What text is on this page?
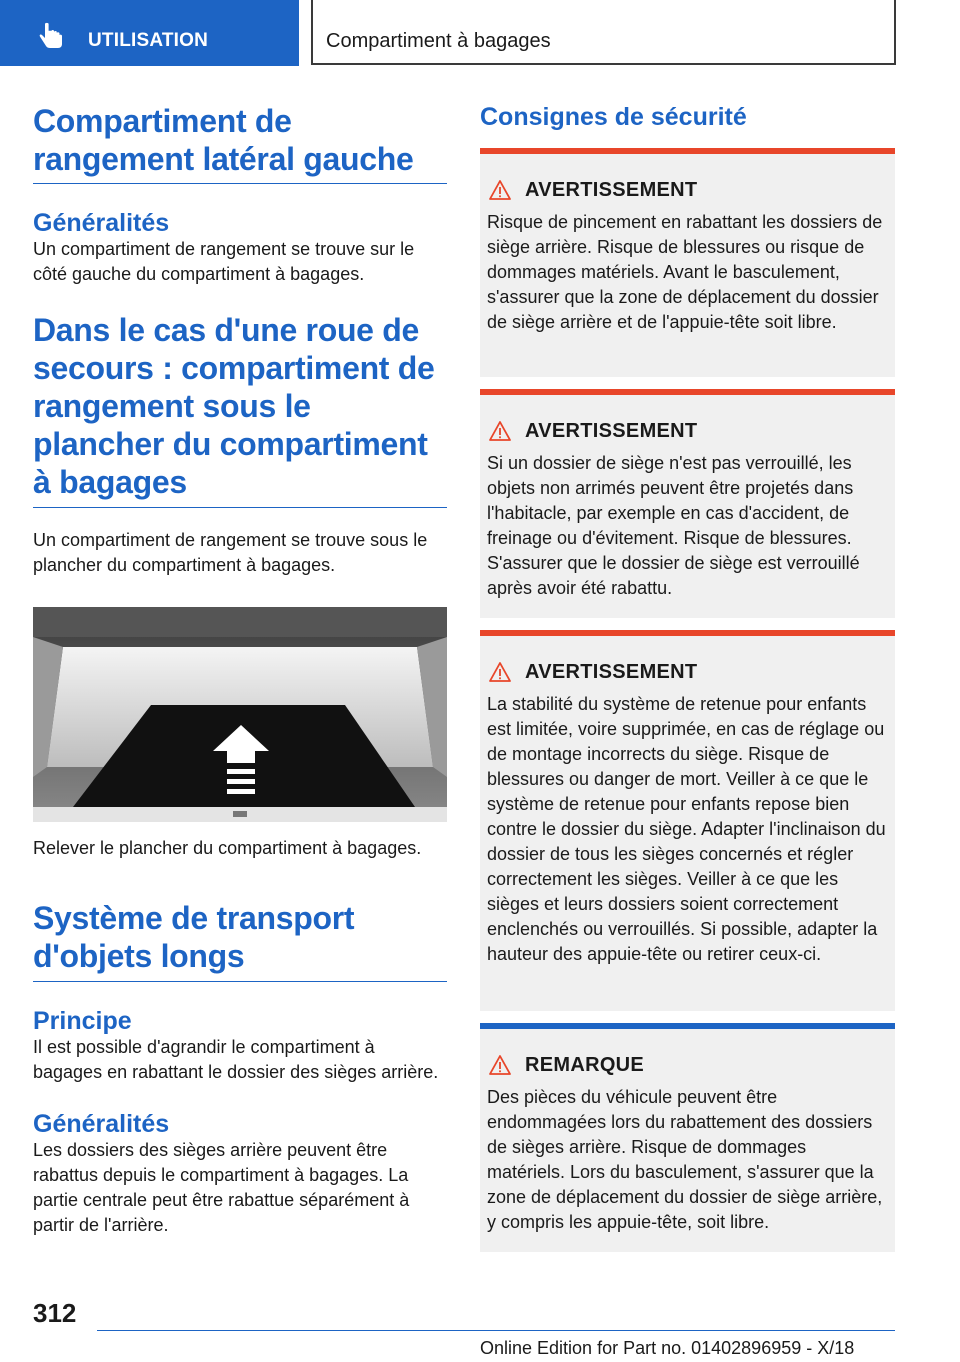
UTILISATION	Compartiment à bagages
Compartiment de rangement latéral gauche
Généralités
Un compartiment de rangement se trouve sur le côté gauche du compartiment à bagages.
Dans le cas d'une roue de secours : compartiment de rangement sous le plancher du compartiment à bagages
Un compartiment de rangement se trouve sous le plancher du compartiment à bagages.
Relever le plancher du compartiment à bagages.
Système de transport d'objets longs
Principe
Il est possible d'agrandir le compartiment à bagages en rabattant le dossier des sièges arrière.
Généralités
Les dossiers des sièges arrière peuvent être rabattus depuis le compartiment à bagages. La partie centrale peut être rabattue séparément à partir de l'arrière.
Consignes de sécurité
AVERTISSEMENT
Risque de pincement en rabattant les dossiers de siège arrière. Risque de blessures ou risque de dommages matériels. Avant le basculement, s'assurer que la zone de déplacement du dossier de siège arrière et de l'appuie-tête soit libre.
AVERTISSEMENT
Si un dossier de siège n'est pas verrouillé, les objets non arrimés peuvent être projetés dans l'habitacle, par exemple en cas d'accident, de freinage ou d'évitement. Risque de blessures. S'assurer que le dossier de siège est verrouillé après avoir été rabattu.
AVERTISSEMENT
La stabilité du système de retenue pour enfants est limitée, voire supprimée, en cas de réglage ou de montage incorrects du siège. Risque de blessures ou danger de mort. Veiller à ce que le système de retenue pour enfants repose bien contre le dossier du siège. Adapter l'inclinaison du dossier de tous les sièges concernés et régler correctement les sièges. Veiller à ce que les sièges et leurs dossiers soient correctement enclenchés ou verrouillés. Si possible, adapter la hauteur des appuie-tête ou retirer ceux-ci.
REMARQUE
Des pièces du véhicule peuvent être endommagées lors du rabattement des dossiers de sièges arrière. Risque de dommages matériels. Lors du basculement, s'assurer que la zone de déplacement du dossier de siège arrière, y compris les appuie-tête, soit libre.
312
Online Edition for Part no. 01402896959 - X/18
